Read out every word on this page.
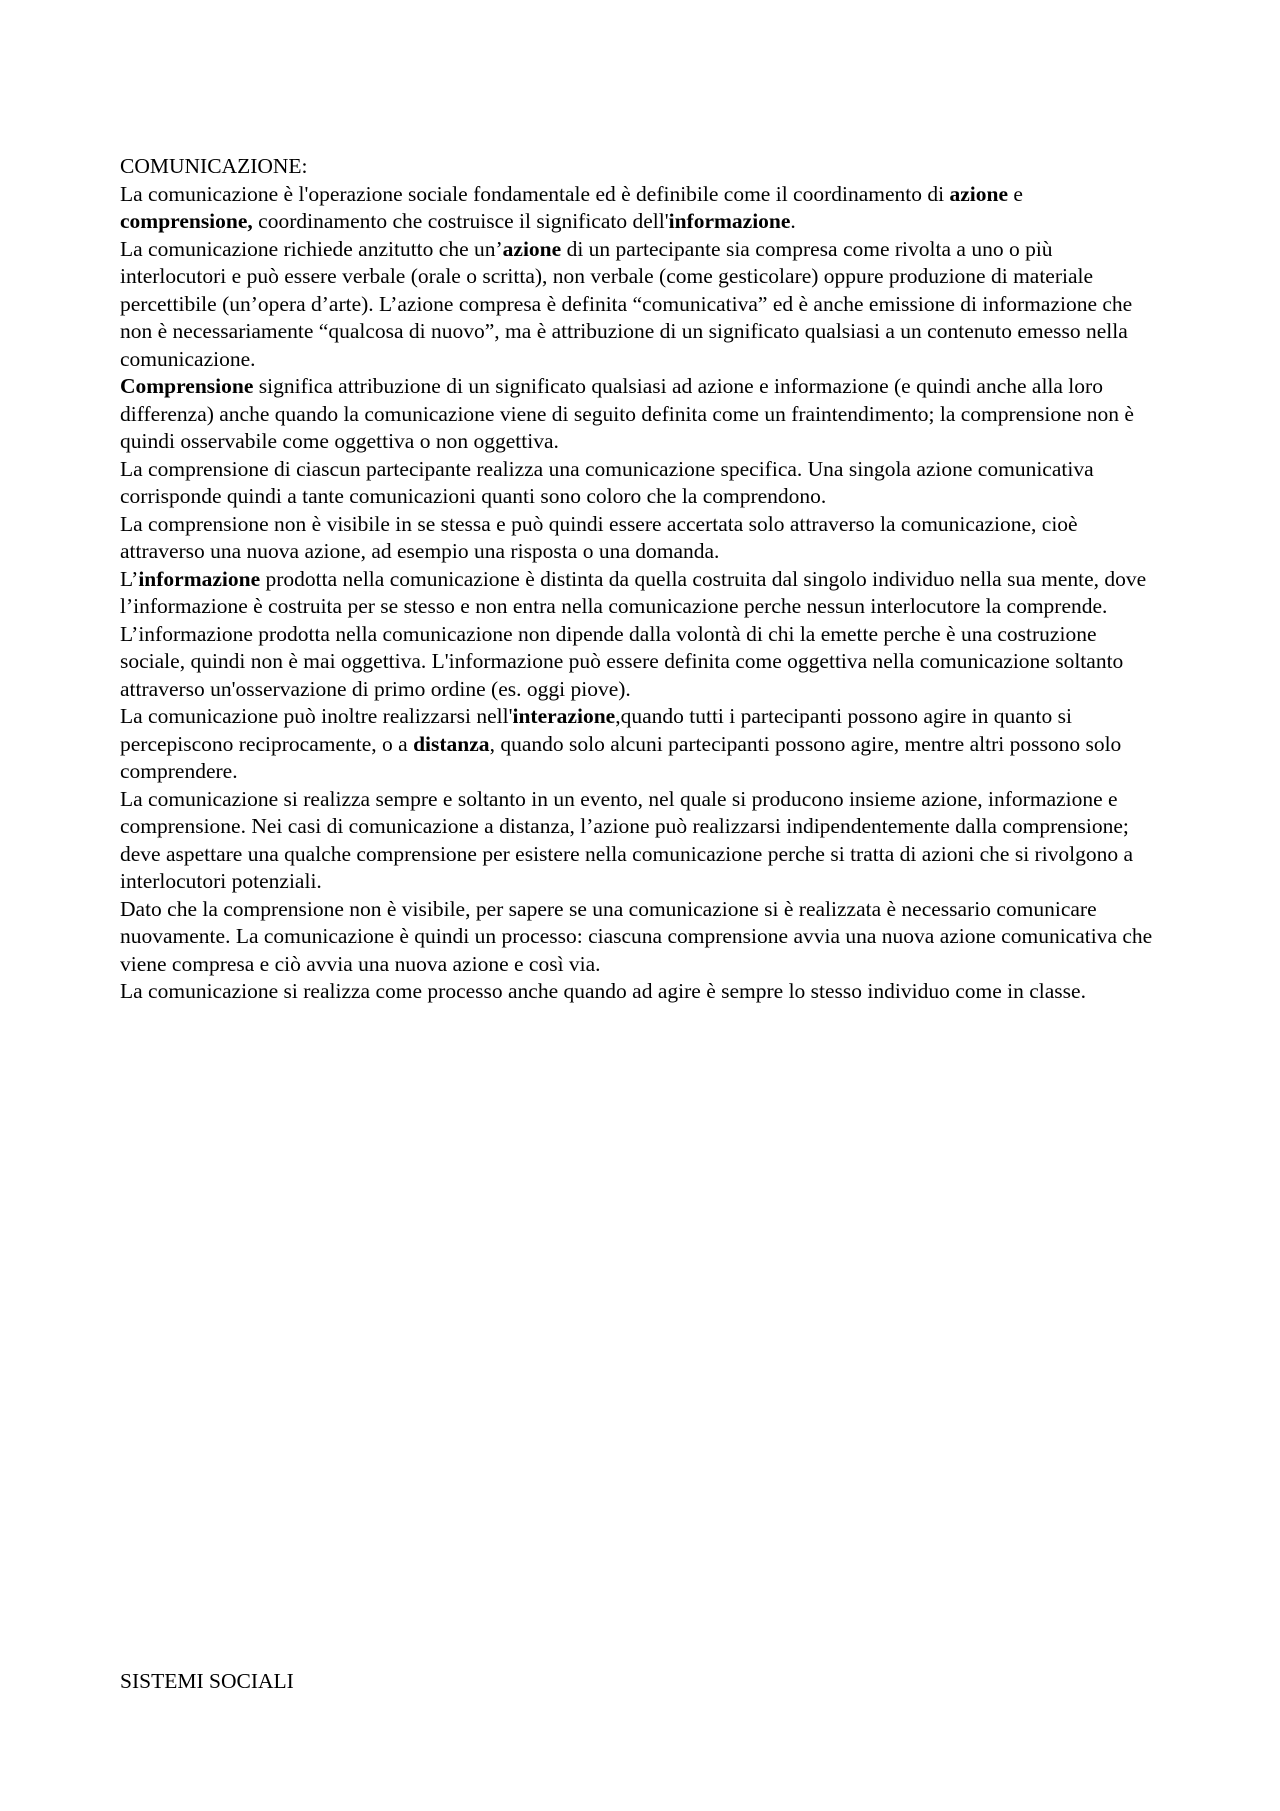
COMUNICAZIONE:

La comunicazione è l'operazione sociale fondamentale ed è definibile come il coordinamento di azione e comprensione, coordinamento che costruisce il significato dell'informazione.

La comunicazione richiede anzitutto che un’azione di un partecipante sia compresa come rivolta a uno o più interlocutori e può essere verbale (orale o scritta), non verbale (come gesticolare) oppure produzione di materiale percettibile (un’opera d’arte). L’azione compresa è definita “comunicativa” ed è anche emissione di informazione che non è necessariamente “qualcosa di nuovo”, ma è attribuzione di un significato qualsiasi a un contenuto emesso nella comunicazione.

Comprensione significa attribuzione di un significato qualsiasi ad azione e informazione (e quindi anche alla loro differenza) anche quando la comunicazione viene di seguito definita come un fraintendimento; la comprensione non è quindi osservabile come oggettiva o non oggettiva.

La comprensione di ciascun partecipante realizza una comunicazione specifica. Una singola azione comunicativa corrisponde quindi a tante comunicazioni quanti sono coloro che la comprendono.

La comprensione non è visibile in se stessa e può quindi essere accertata solo attraverso la comunicazione, cioè attraverso una nuova azione, ad esempio una risposta o una domanda.

L’informazione prodotta nella comunicazione è distinta da quella costruita dal singolo individuo nella sua mente, dove l’informazione è costruita per se stesso e non entra nella comunicazione perche nessun interlocutore la comprende. L’informazione prodotta nella comunicazione non dipende dalla volontà di chi la emette perche è una costruzione sociale, quindi non è mai oggettiva. L'informazione può essere definita come oggettiva nella comunicazione soltanto attraverso un'osservazione di primo ordine (es. oggi piove).

La comunicazione può inoltre realizzarsi nell'interazione,quando tutti i partecipanti possono agire in quanto si percepiscono reciprocamente, o a distanza, quando solo alcuni partecipanti possono agire, mentre altri possono solo comprendere.

La comunicazione si realizza sempre e soltanto in un evento, nel quale si producono insieme azione, informazione e comprensione. Nei casi di comunicazione a distanza, l’azione può realizzarsi indipendentemente dalla comprensione; deve aspettare una qualche comprensione per esistere nella comunicazione perche si tratta di azioni che si rivolgono a interlocutori potenziali.

Dato che la comprensione non è visibile, per sapere se una comunicazione si è realizzata è necessario comunicare nuovamente. La comunicazione è quindi un processo: ciascuna comprensione avvia una nuova azione comunicativa che viene compresa e ciò avvia una nuova azione e così via.

La comunicazione si realizza come processo anche quando ad agire è sempre lo stesso individuo come in classe.

SISTEMI SOCIALI
